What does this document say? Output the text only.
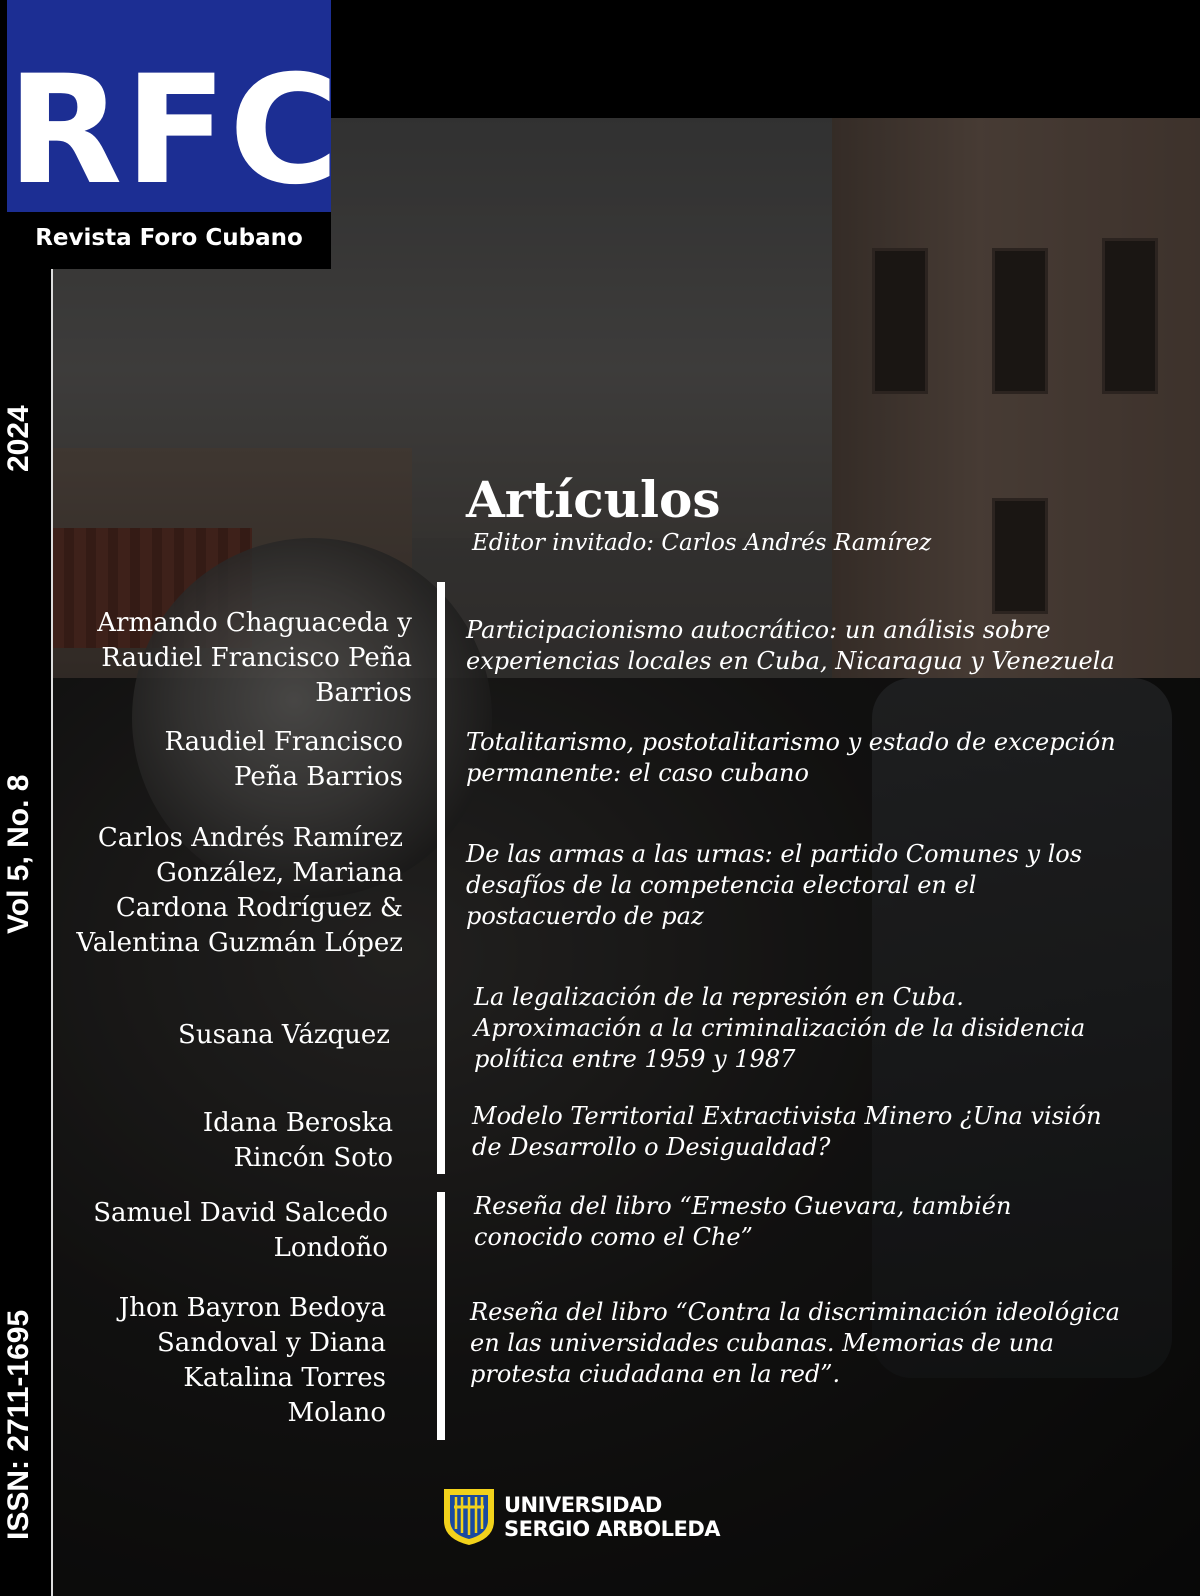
RFC
Revista Foro Cubano
2024
Vol 5, No. 8
ISSN: 2711-1695
Artículos
Editor invitado: Carlos Andrés Ramírez
Armando Chaguaceda y Raudiel Francisco Peña Barrios
Participacionismo autocrático: un análisis sobre experiencias locales en Cuba, Nicaragua y Venezuela
Raudiel Francisco Peña Barrios
Totalitarismo, postotalitarismo y estado de excepción permanente: el caso cubano
Carlos Andrés Ramírez González, Mariana Cardona Rodríguez & Valentina Guzmán López
De las armas a las urnas: el partido Comunes y los desafíos de la competencia electoral en el postacuerdo de paz
Susana Vázquez
La legalización de la represión en Cuba. Aproximación a la criminalización de la disidencia política entre 1959 y 1987
Idana Beroska Rincón Soto
Modelo Territorial Extractivista Minero ¿Una visión de Desarrollo o Desigualdad?
Samuel David Salcedo Londoño
Reseña del libro “Ernesto Guevara, también conocido como el Che”
Jhon Bayron Bedoya Sandoval y Diana Katalina Torres Molano
Reseña del libro “Contra la discriminación ideológica en las universidades cubanas. Memorias de una protesta ciudadana en la red”.
UNIVERSIDAD
SERGIO ARBOLEDA
